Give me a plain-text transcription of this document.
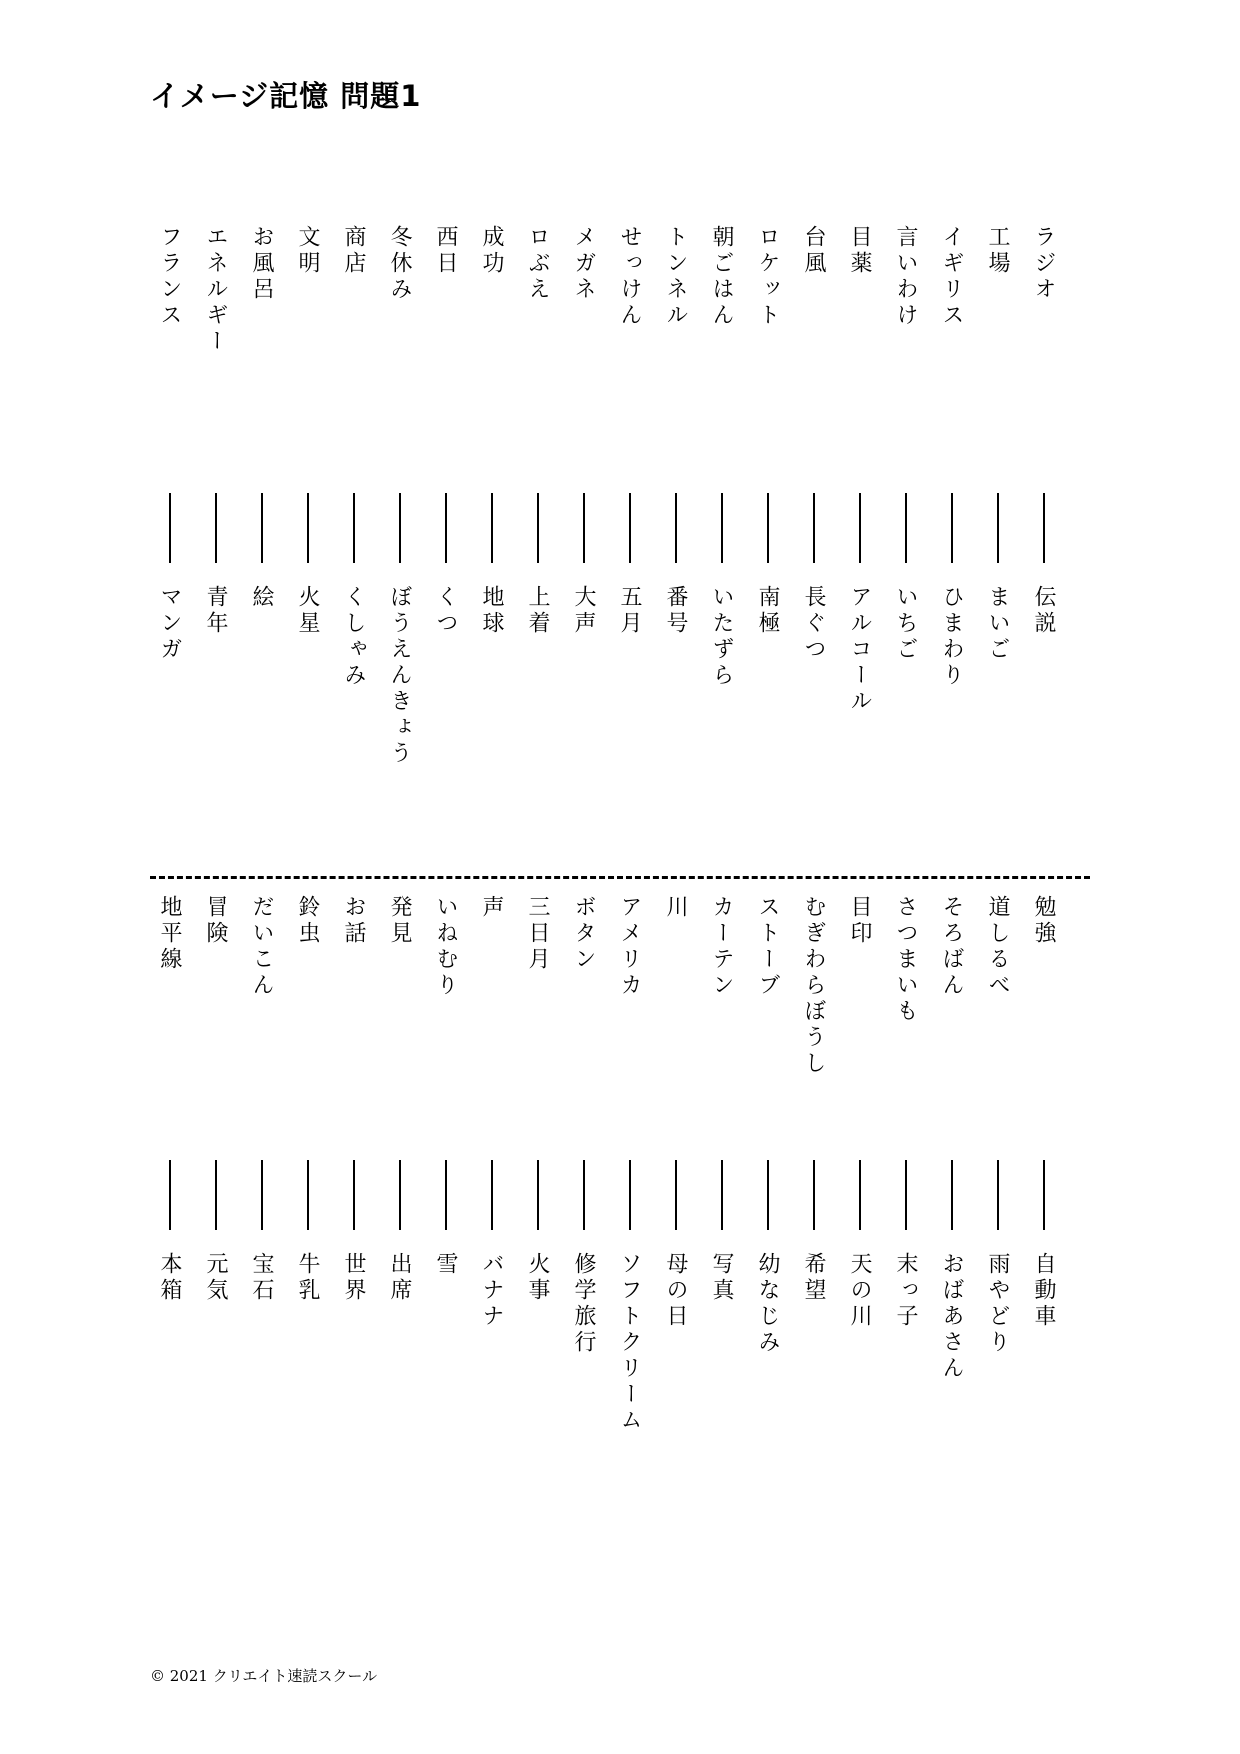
イメージ記憶 問題1
ラジオ
工場
イギリス
言いわけ
目薬
台風
ロケット
朝ごはん
トンネル
せっけん
メガネ
ロぶえ
成功
西日
冬休み
商店
文明
お風呂
エネルギー
フランス
伝説
まいご
ひまわり
いちご
アルコール
長ぐつ
南極
いたずら
番号
五月
大声
上着
地球
くつ
ぼうえんきょう
くしゃみ
火星
絵
青年
マンガ
勉強
道しるべ
そろばん
さつまいも
目印
むぎわらぼうし
ストーブ
カーテン
川
アメリカ
ボタン
三日月
声
いねむり
発見
お話
鈴虫
だいこん
冒険
地平線
自動車
雨やどり
おばあさん
末っ子
天の川
希望
幼なじみ
写真
母の日
ソフトクリーム
修学旅行
火事
バナナ
雪
出席
世界
牛乳
宝石
元気
本箱
© 2021 クリエイト速読スクール
